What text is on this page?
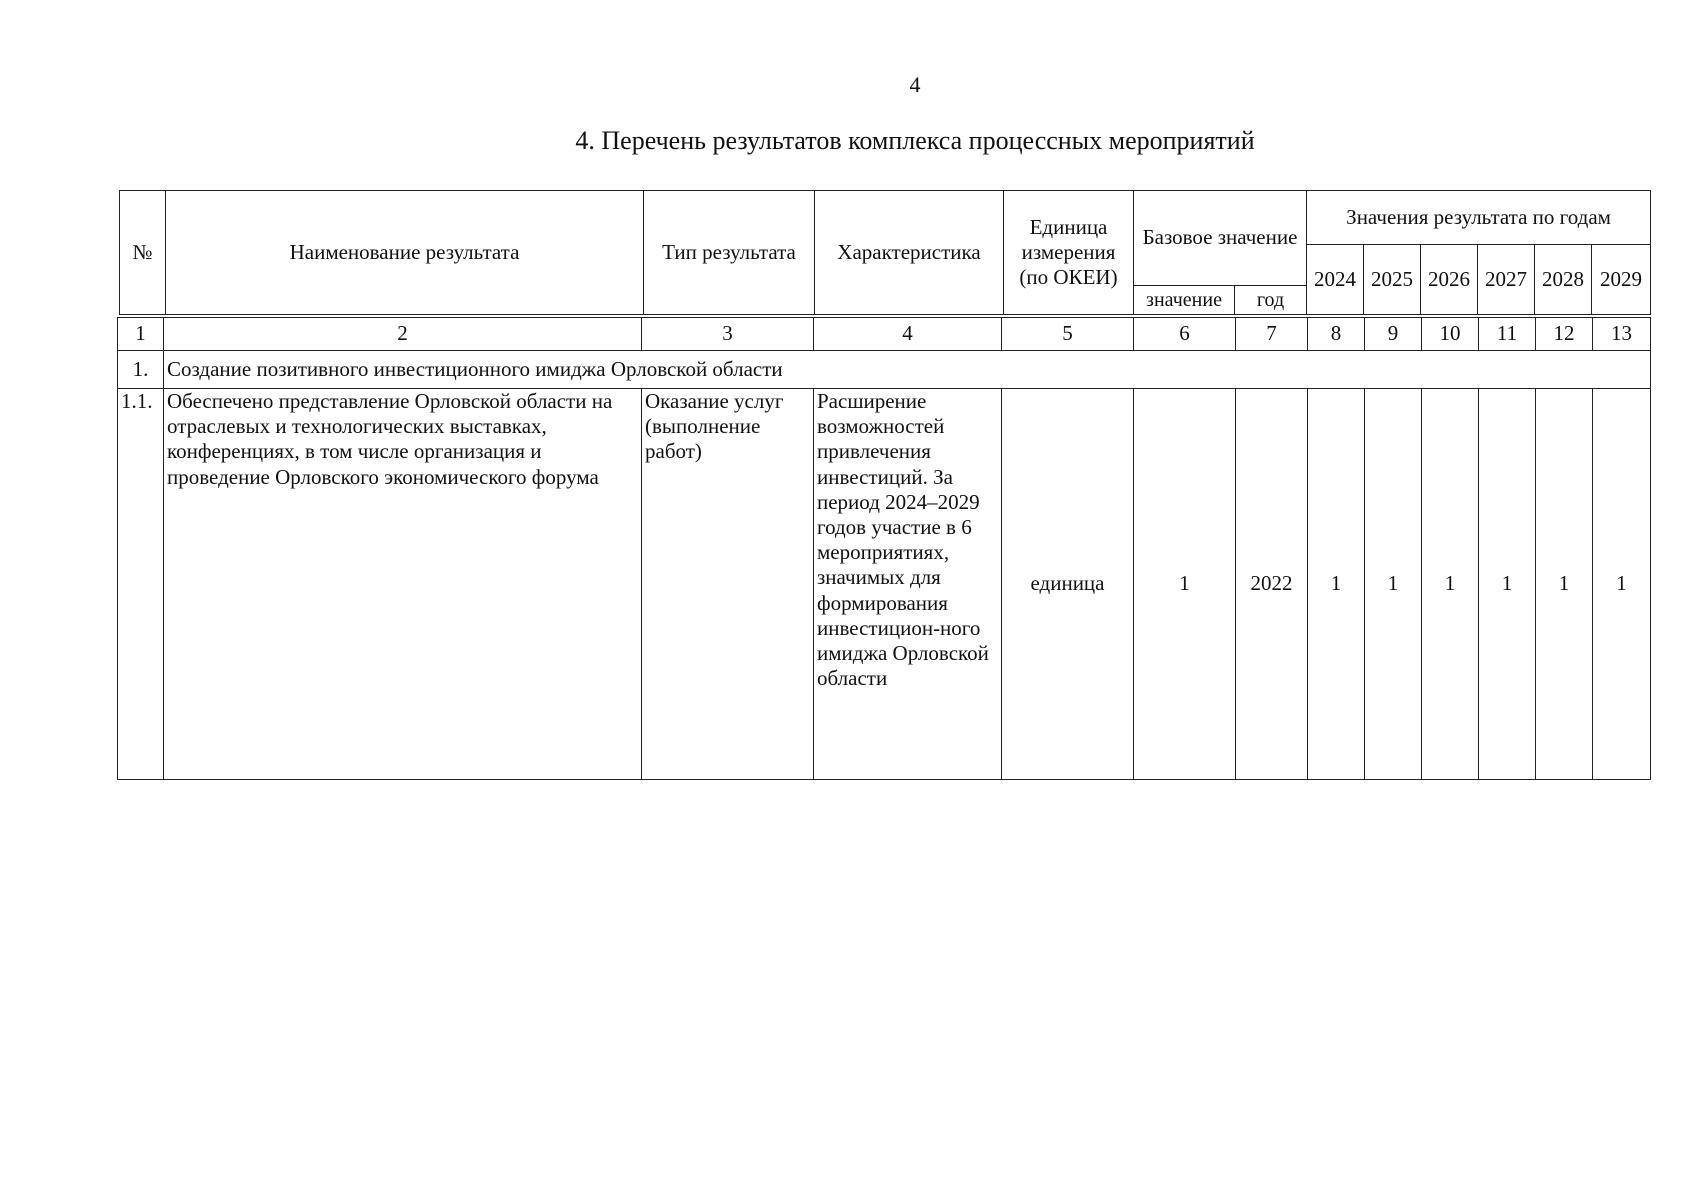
4
4. Перечень результатов комплекса процессных мероприятий
№	Наименование результата	Тип результата	Характеристика	Единица измерения (по ОКЕИ)	Базовое значение		Значения результата по годам					
							2024	2025	2026	2027	2028	2029
					значение	год						
1	2	3	4	5	6	7	8	9	10	11	12	13
1.	Создание позитивного инвестиционного имиджа Орловской области											
1.1.	Обеспечено представление Орловской области на отраслевых и технологических выставках, конференциях, в том числе организация и проведение Орловского экономического форума	Оказание услуг (выполнение работ)	Расширение возможностей привлечения инвестиций. За период 2024–2029 годов участие в 6 мероприятиях, значимых для формирования инвестицион-ного имиджа Орловской области	единица	1	2022	1	1	1	1	1	1
